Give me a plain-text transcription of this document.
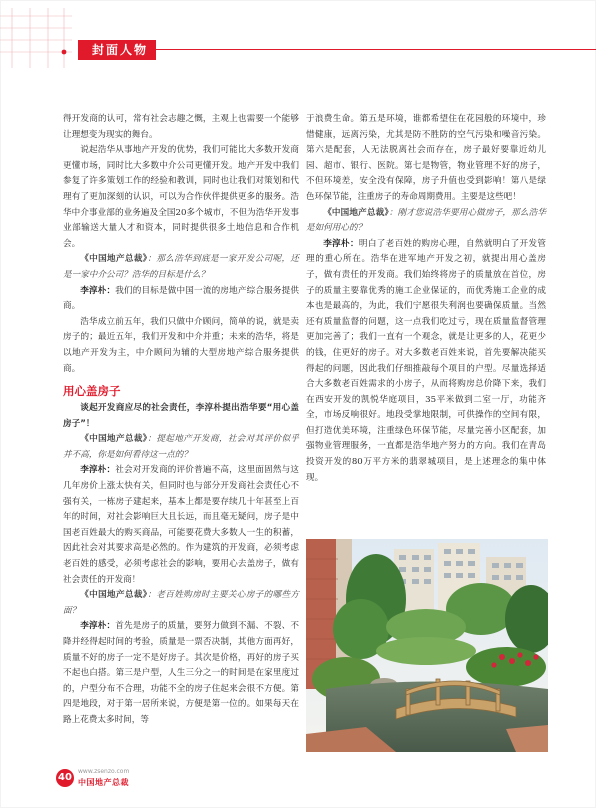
封面人物

得开发商的认可，常有社会志趣之慨，主观上也需要一个能够让理想变为现实的舞台。

说起浩华从事地产开发的优势，我们可能比大多数开发商更懂市场，同时比大多数中介公司更懂开发。地产开发中我们参复了许多策划工作的经验和教训，同时也让我们对策划和代理有了更加深刻的认识，可以为合作伙伴提供更多的服务。浩华中介事业部的业务遍及全国20多个城市，不但为浩华开发事业部输送大量人才和资本，同时提供很多土地信息和合作机会。

《中国地产总裁》：那么浩华到底是一家开发公司呢，还是一家中介公司？浩华的目标是什么？

李淳朴：我们的目标是做中国一流的房地产综合服务提供商。

浩华成立前五年，我们只做中介顾问，简单的说，就是卖房子的；最近五年，我们开发和中介并重；未来的浩华，将是以地产开发为主，中介顾问为辅的大型房地产综合服务提供商。

用心盖房子

谈起开发商应尽的社会责任，李淳朴提出浩华要“用心盖房子”！

《中国地产总裁》：提起地产开发商，社会对其评价似乎并不高，你是如何看待这一点的？

李淳朴：社会对开发商的评价普遍不高，这里面固然与这几年房价上涨太快有关，但同时也与部分开发商社会责任心不强有关，一栋房子建起来，基本上都是要存续几十年甚至上百年的时间，对社会影响巨大且长远，而且毫无疑问，房子是中国老百姓最大的购买商品，可能要花费大多数人一生的积蓄，因此社会对其要求高是必然的。作为建筑的开发商，必须考虑老百姓的感受，必须考虑社会的影响，要用心去盖房子，做有社会责任的开发商！

《中国地产总裁》：老百姓购房时主要关心房子的哪些方面？

李淳朴：首先是房子的质量，要努力做到不漏、不裂、不降并经得起时间的考验，质量是一票否决制，其他方面再好，质量不好的房子一定不是好房子。其次是价格，再好的房子买不起也白搭。第三是户型，人生三分之一的时间是在家里度过的，户型分布不合理，功能不全的房子住起来会很不方便。第四是地段，对于第一居所来说，方便是第一位的。如果每天在路上花费太多时间，等

于浪费生命。第五是环境，谁都希望住在花园般的环境中，珍惜健康，远离污染，尤其是防不胜防的空气污染和噪音污染。第六是配套，人无法脱离社会而存在，房子最好要靠近幼儿园、超市、银行、医院。第七是物管，物业管理不好的房子，不但环境差，安全没有保障，房子升值也受到影响！第八是绿色环保节能，注重房子的寿命周期费用。主要是这些吧！

《中国地产总裁》：刚才您说浩华要用心做房子，那么浩华是如何用心的？

李淳朴：明白了老百姓的购房心理，自然就明白了开发管理的重心所在。浩华在进军地产开发之初，就提出用心盖房子，做有责任的开发商。我们始终将房子的质量放在首位，房子的质量主要靠优秀的施工企业保证的，而优秀施工企业的成本也是最高的，为此，我们宁愿很失利润也要确保质量。当然还有质量监督的问题，这一点我们吃过亏，现在质量监督管理更加完善了；我们一直有一个观念，就是让更多的人，花更少的钱，住更好的房子。对大多数老百姓来说，首先要解决能买得起的问题，因此我们仔细推敲每个项目的户型。尽量选择适合大多数老百姓需求的小房子，从而将购房总价降下来，我们在西安开发的凯悦华庭项目，35平米做到二室一厅，功能齐全，市场反响很好。地段受掌地限制，可供操作的空间有限，但打造优美环境，注重绿色环保节能，尽量完善小区配套，加强物业管理服务，一直都是浩华地产努力的方向。我们在青岛投资开发的80万平方米的翡翠城项目，是上述理念的集中体现。

40
www.zsenzo.com
中国地产总裁
